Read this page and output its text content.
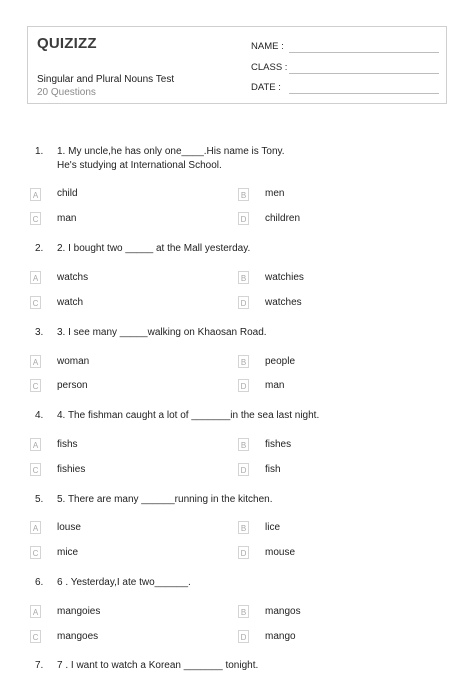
QUIZIZZ
Singular and Plural Nouns Test
20 Questions
NAME :
CLASS :
DATE :
1. 1. My uncle,he has only one____.His name is Tony.
He's studying at International School.
A child	B men
C man	D children
2. 2. I bought two _____ at the Mall yesterday.
A watchs	B watchies
C watch	D watches
3. 3. I see many _____walking on Khaosan Road.
A woman	B people
C person	D man
4. 4. The fishman caught a lot of _______in the sea last night.
A fishs	B fishes
C fishies	D fish
5. 5. There are many ______running in the kitchen.
A louse	B lice
C mice	D mouse
6. 6 . Yesterday,I ate two______.
A mangoies	B mangos
C mangoes	D mango
7. 7 . I want to watch a Korean _______ tonight.
